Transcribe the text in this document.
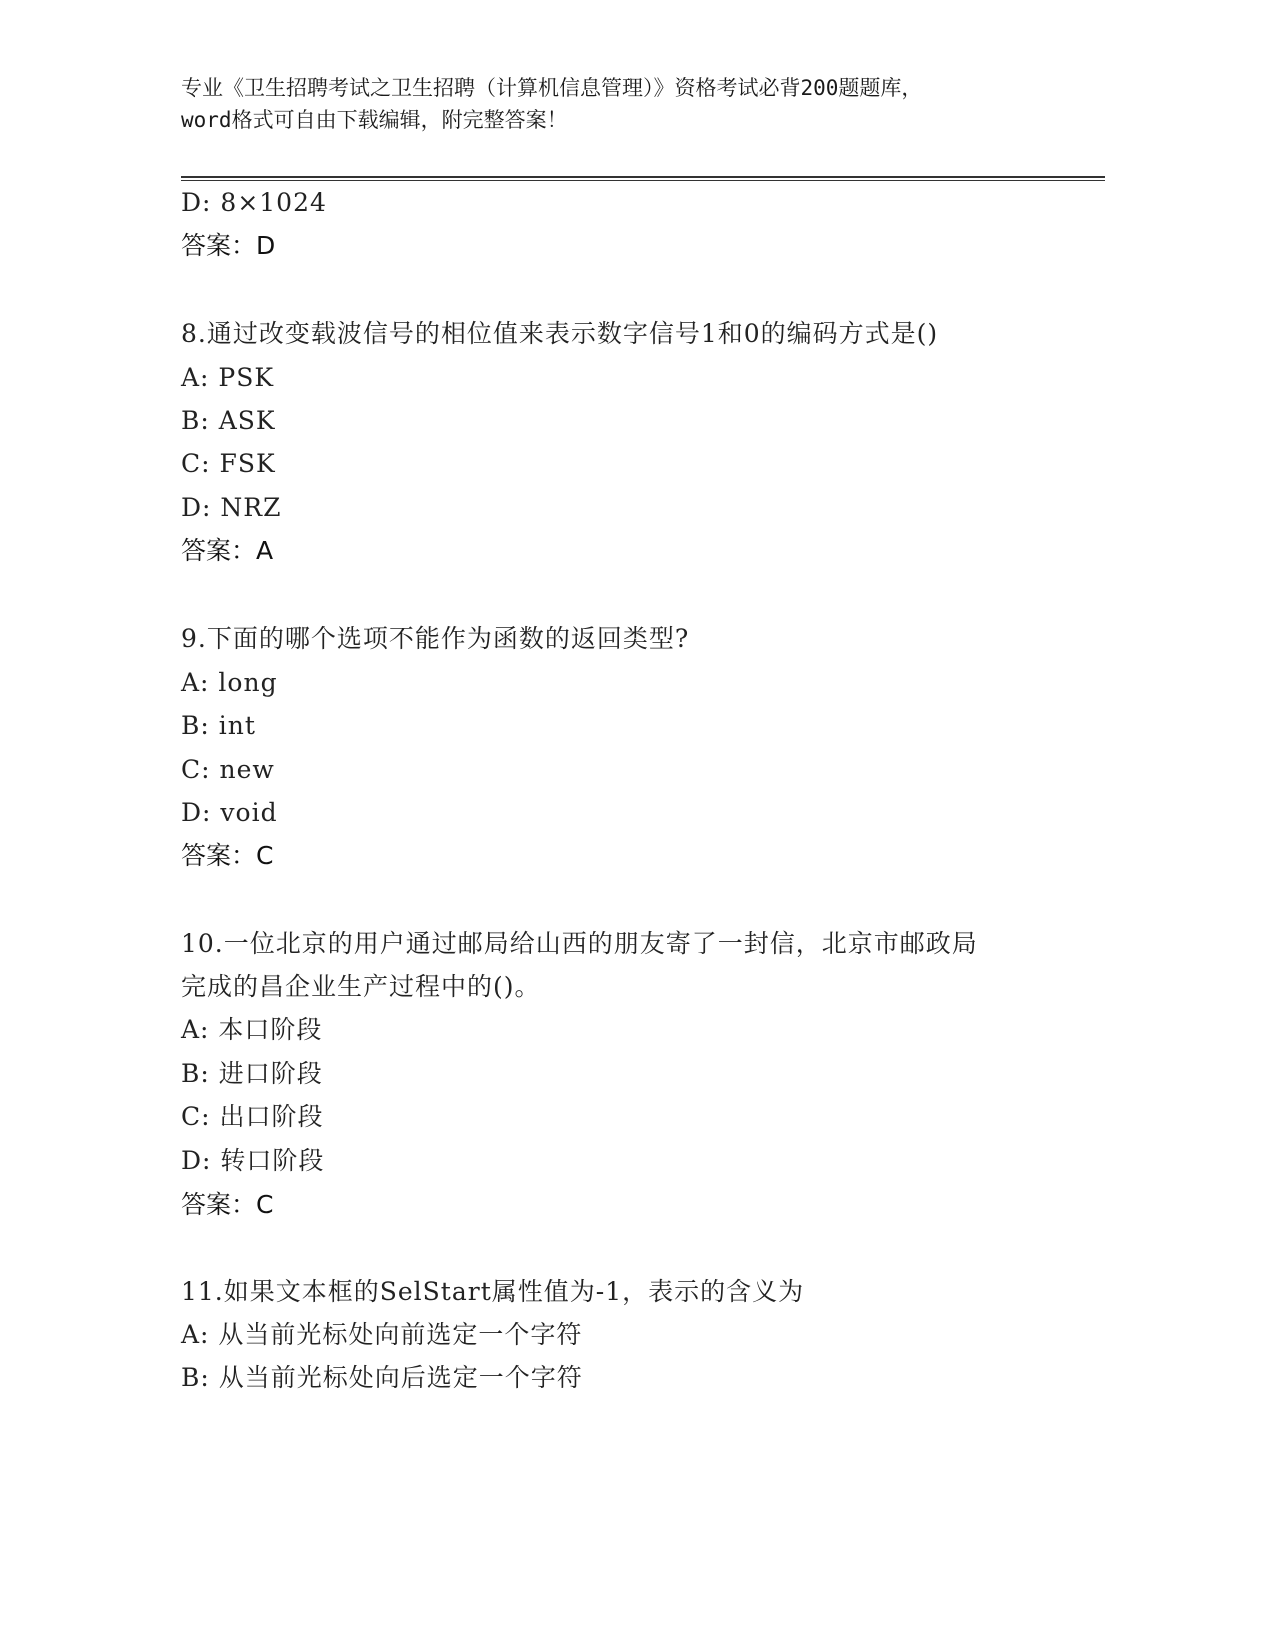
专业《卫生招聘考试之卫生招聘（计算机信息管理）》资格考试必背200题题库，
word格式可自由下载编辑，附完整答案！
D: 8×1024
答案：D
8.通过改变载波信号的相位值来表示数字信号1和0的编码方式是()
A: PSK
B: ASK
C: FSK
D: NRZ
答案：A
9.下面的哪个选项不能作为函数的返回类型?
A: long
B: int
C: new
D: void
答案：C
10.一位北京的用户通过邮局给山西的朋友寄了一封信，北京市邮政局
完成的昌企业生产过程中的()。
A: 本口阶段
B: 进口阶段
C: 出口阶段
D: 转口阶段
答案：C
11.如果文本框的SelStart属性值为-1，表示的含义为
A: 从当前光标处向前选定一个字符
B: 从当前光标处向后选定一个字符
